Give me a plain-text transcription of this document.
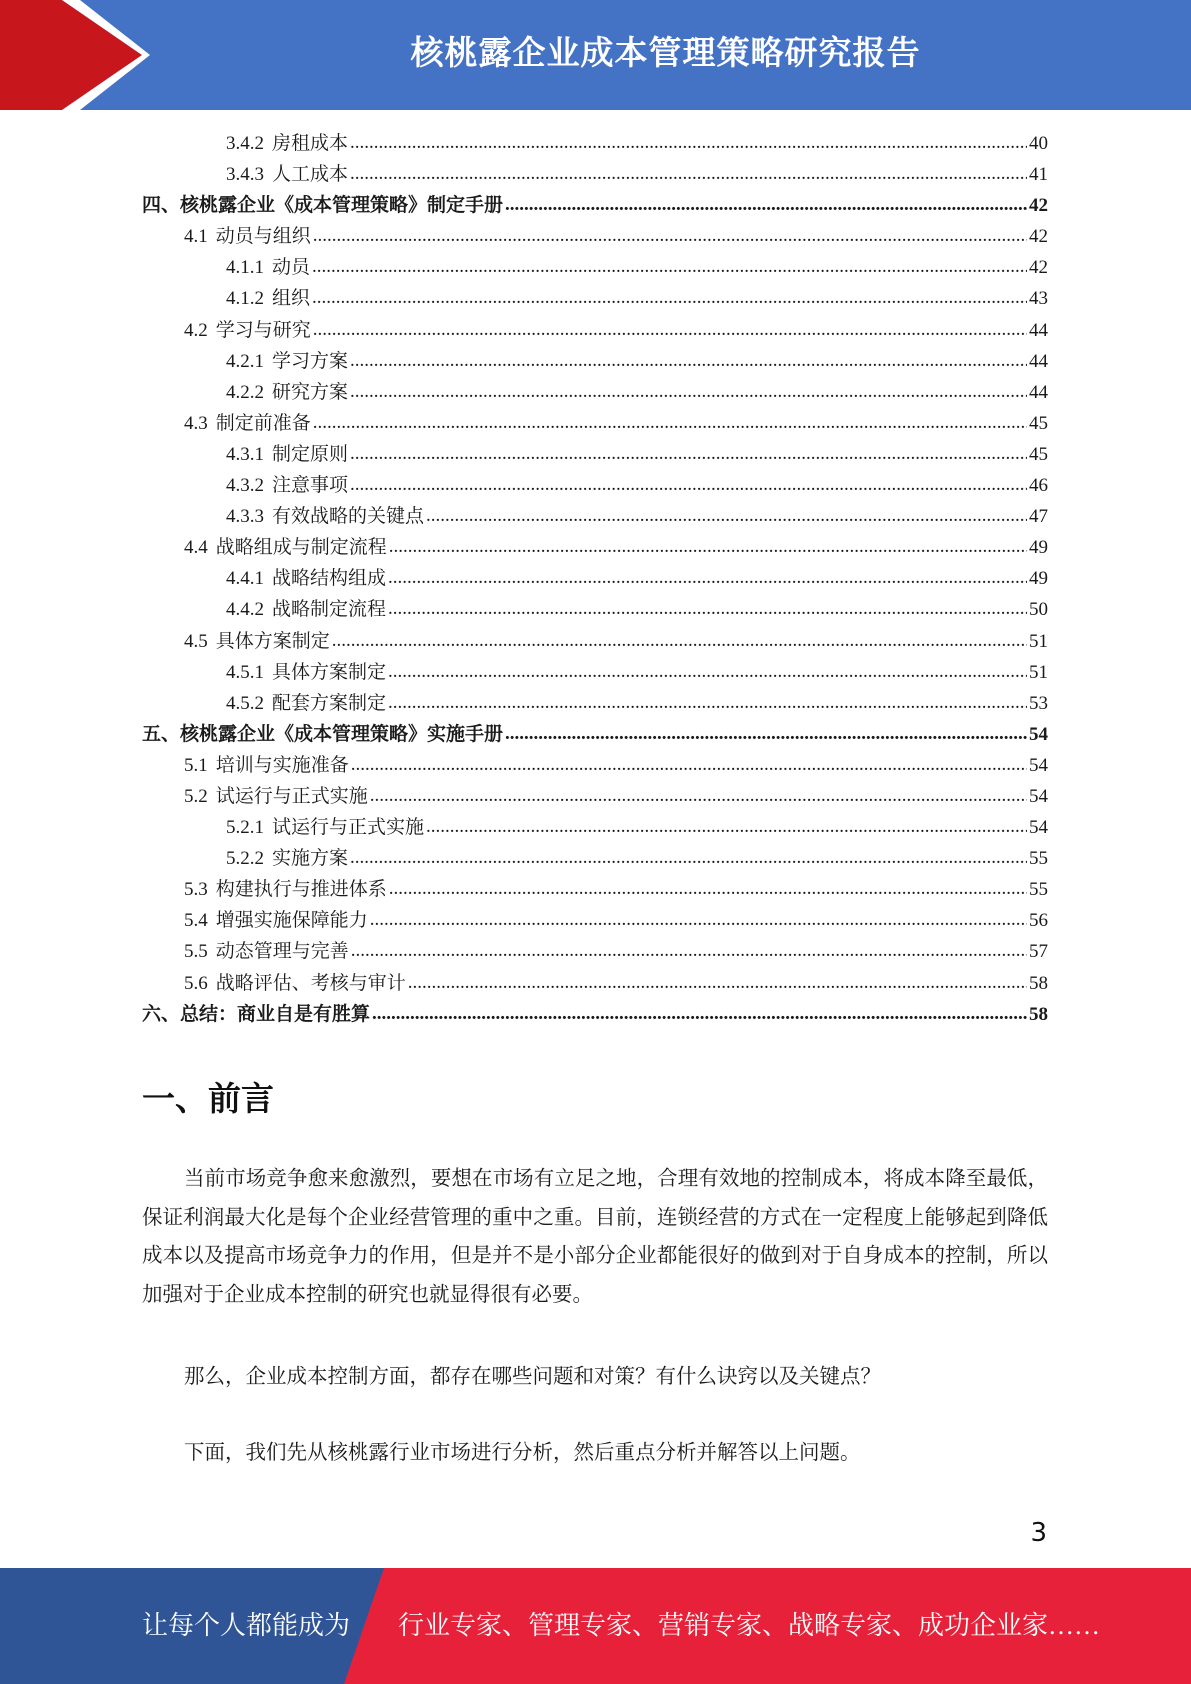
核桃露企业成本管理策略研究报告
3.4.2 房租成本 .....	40
3.4.3 人工成本 .....	41
四、核桃露企业《成本管理策略》制定手册 .....	42
4.1 动员与组织 .....	42
4.1.1 动员 .....	42
4.1.2 组织 .....	43
4.2 学习与研究 .....	44
4.2.1 学习方案 .....	44
4.2.2 研究方案 .....	44
4.3 制定前准备 .....	45
4.3.1 制定原则 .....	45
4.3.2 注意事项 .....	46
4.3.3 有效战略的关键点 .....	47
4.4 战略组成与制定流程 .....	49
4.4.1 战略结构组成 .....	49
4.4.2 战略制定流程 .....	50
4.5 具体方案制定 .....	51
4.5.1 具体方案制定 .....	51
4.5.2 配套方案制定 .....	53
五、核桃露企业《成本管理策略》实施手册 .....	54
5.1 培训与实施准备 .....	54
5.2 试运行与正式实施 .....	54
5.2.1 试运行与正式实施 .....	54
5.2.2 实施方案 .....	55
5.3 构建执行与推进体系 .....	55
5.4 增强实施保障能力 .....	56
5.5 动态管理与完善 .....	57
5.6 战略评估、考核与审计 .....	58
六、总结：商业自是有胜算 .....	58
一、前言

当前市场竞争愈来愈激烈，要想在市场有立足之地，合理有效地的控制成本，将成本降至最低，保证利润最大化是每个企业经营管理的重中之重。目前，连锁经营的方式在一定程度上能够起到降低成本以及提高市场竞争力的作用，但是并不是小部分企业都能很好的做到对于自身成本的控制，所以加强对于企业成本控制的研究也就显得很有必要。

那么，企业成本控制方面，都存在哪些问题和对策？有什么诀窍以及关键点？

下面，我们先从核桃露行业市场进行分析，然后重点分析并解答以上问题。

3
让每个人都能成为 行业专家、管理专家、营销专家、战略专家、成功企业家……
